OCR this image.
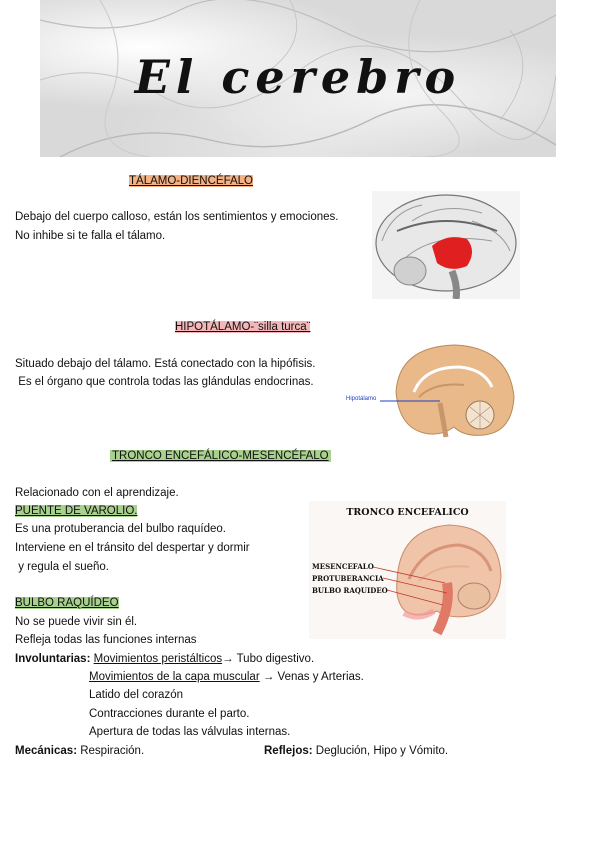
El cerebro
TÁLAMO-DIENCÉFALO
Debajo del cuerpo calloso, están los sentimientos y emociones.
No inhibe si te falla el tálamo.
HIPOTÁLAMO-¨silla turca¨
Situado debajo del tálamo. Está conectado con la hipófisis.
Es el órgano que controla todas las glándulas endocrinas.
Hipotálamo
TRONCO ENCEFÁLICO-MESENCÉFALO
Relacionado con el aprendizaje.
PUENTE DE VAROLIO.
Es una protuberancia del bulbo raquídeo.
Interviene en el tránsito del despertar y dormir
y regula el sueño.
TRONCO ENCEFALICO
MESENCEFALO
PROTUBERANCIA
BULBO RAQUIDEO
BULBO RAQUÍDEO
No se puede vivir sin él.
Refleja todas las funciones internas
Involuntarias: Movimientos peristálticos→ Tubo digestivo.
Movimientos de la capa muscular → Venas y Arterias.
Latido del corazón
Contracciones durante el parto.
Apertura de todas las válvulas internas.
Mecánicas: Respiración.	Reflejos: Deglución, Hipo y Vómito.
